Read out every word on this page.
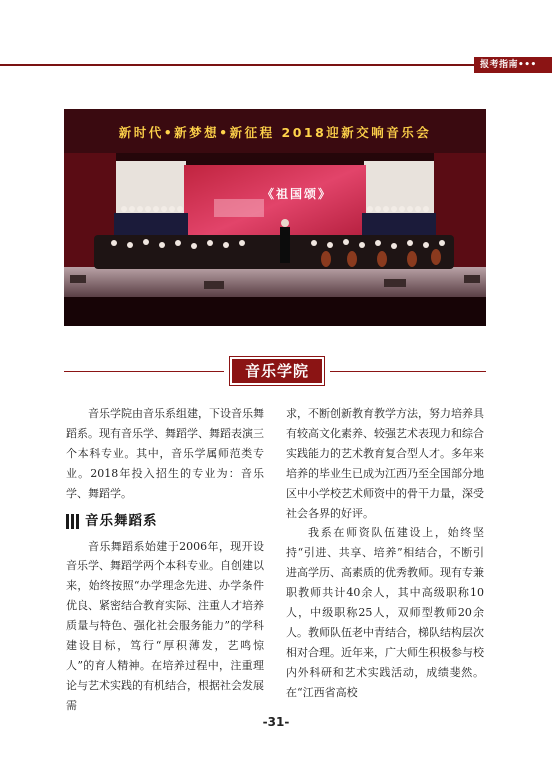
报考指南•••
新时代•新梦想•新征程 2018迎新交响音乐会
《祖国颂》
音乐学院

音乐学院由音乐系组建，下设音乐舞蹈系。现有音乐学、舞蹈学、舞蹈表演三个本科专业。其中，音乐学属师范类专业。2018年投入招生的专业为：音乐学、舞蹈学。

音乐舞蹈系

音乐舞蹈系始建于2006年，现开设音乐学、舞蹈学两个本科专业。自创建以来，始终按照“办学理念先进、办学条件优良、紧密结合教育实际、注重人才培养质量与特色、强化社会服务能力”的学科建设目标，笃行“厚积薄发，艺鸣惊人”的育人精神。在培养过程中，注重理论与艺术实践的有机结合，根据社会发展需

求，不断创新教育教学方法，努力培养具有较高文化素养、较强艺术表现力和综合实践能力的艺术教育复合型人才。多年来培养的毕业生已成为江西乃至全国部分地区中小学校艺术师资中的骨干力量，深受社会各界的好评。

我系在师资队伍建设上，始终坚持“引进、共享、培养”相结合，不断引进高学历、高素质的优秀教师。现有专兼职教师共计40余人，其中高级职称10人，中级职称25人，双师型教师20余人。教师队伍老中青结合，梯队结构层次相对合理。近年来，广大师生积极参与校内外科研和艺术实践活动，成绩斐然。在“江西省高校

-31-
